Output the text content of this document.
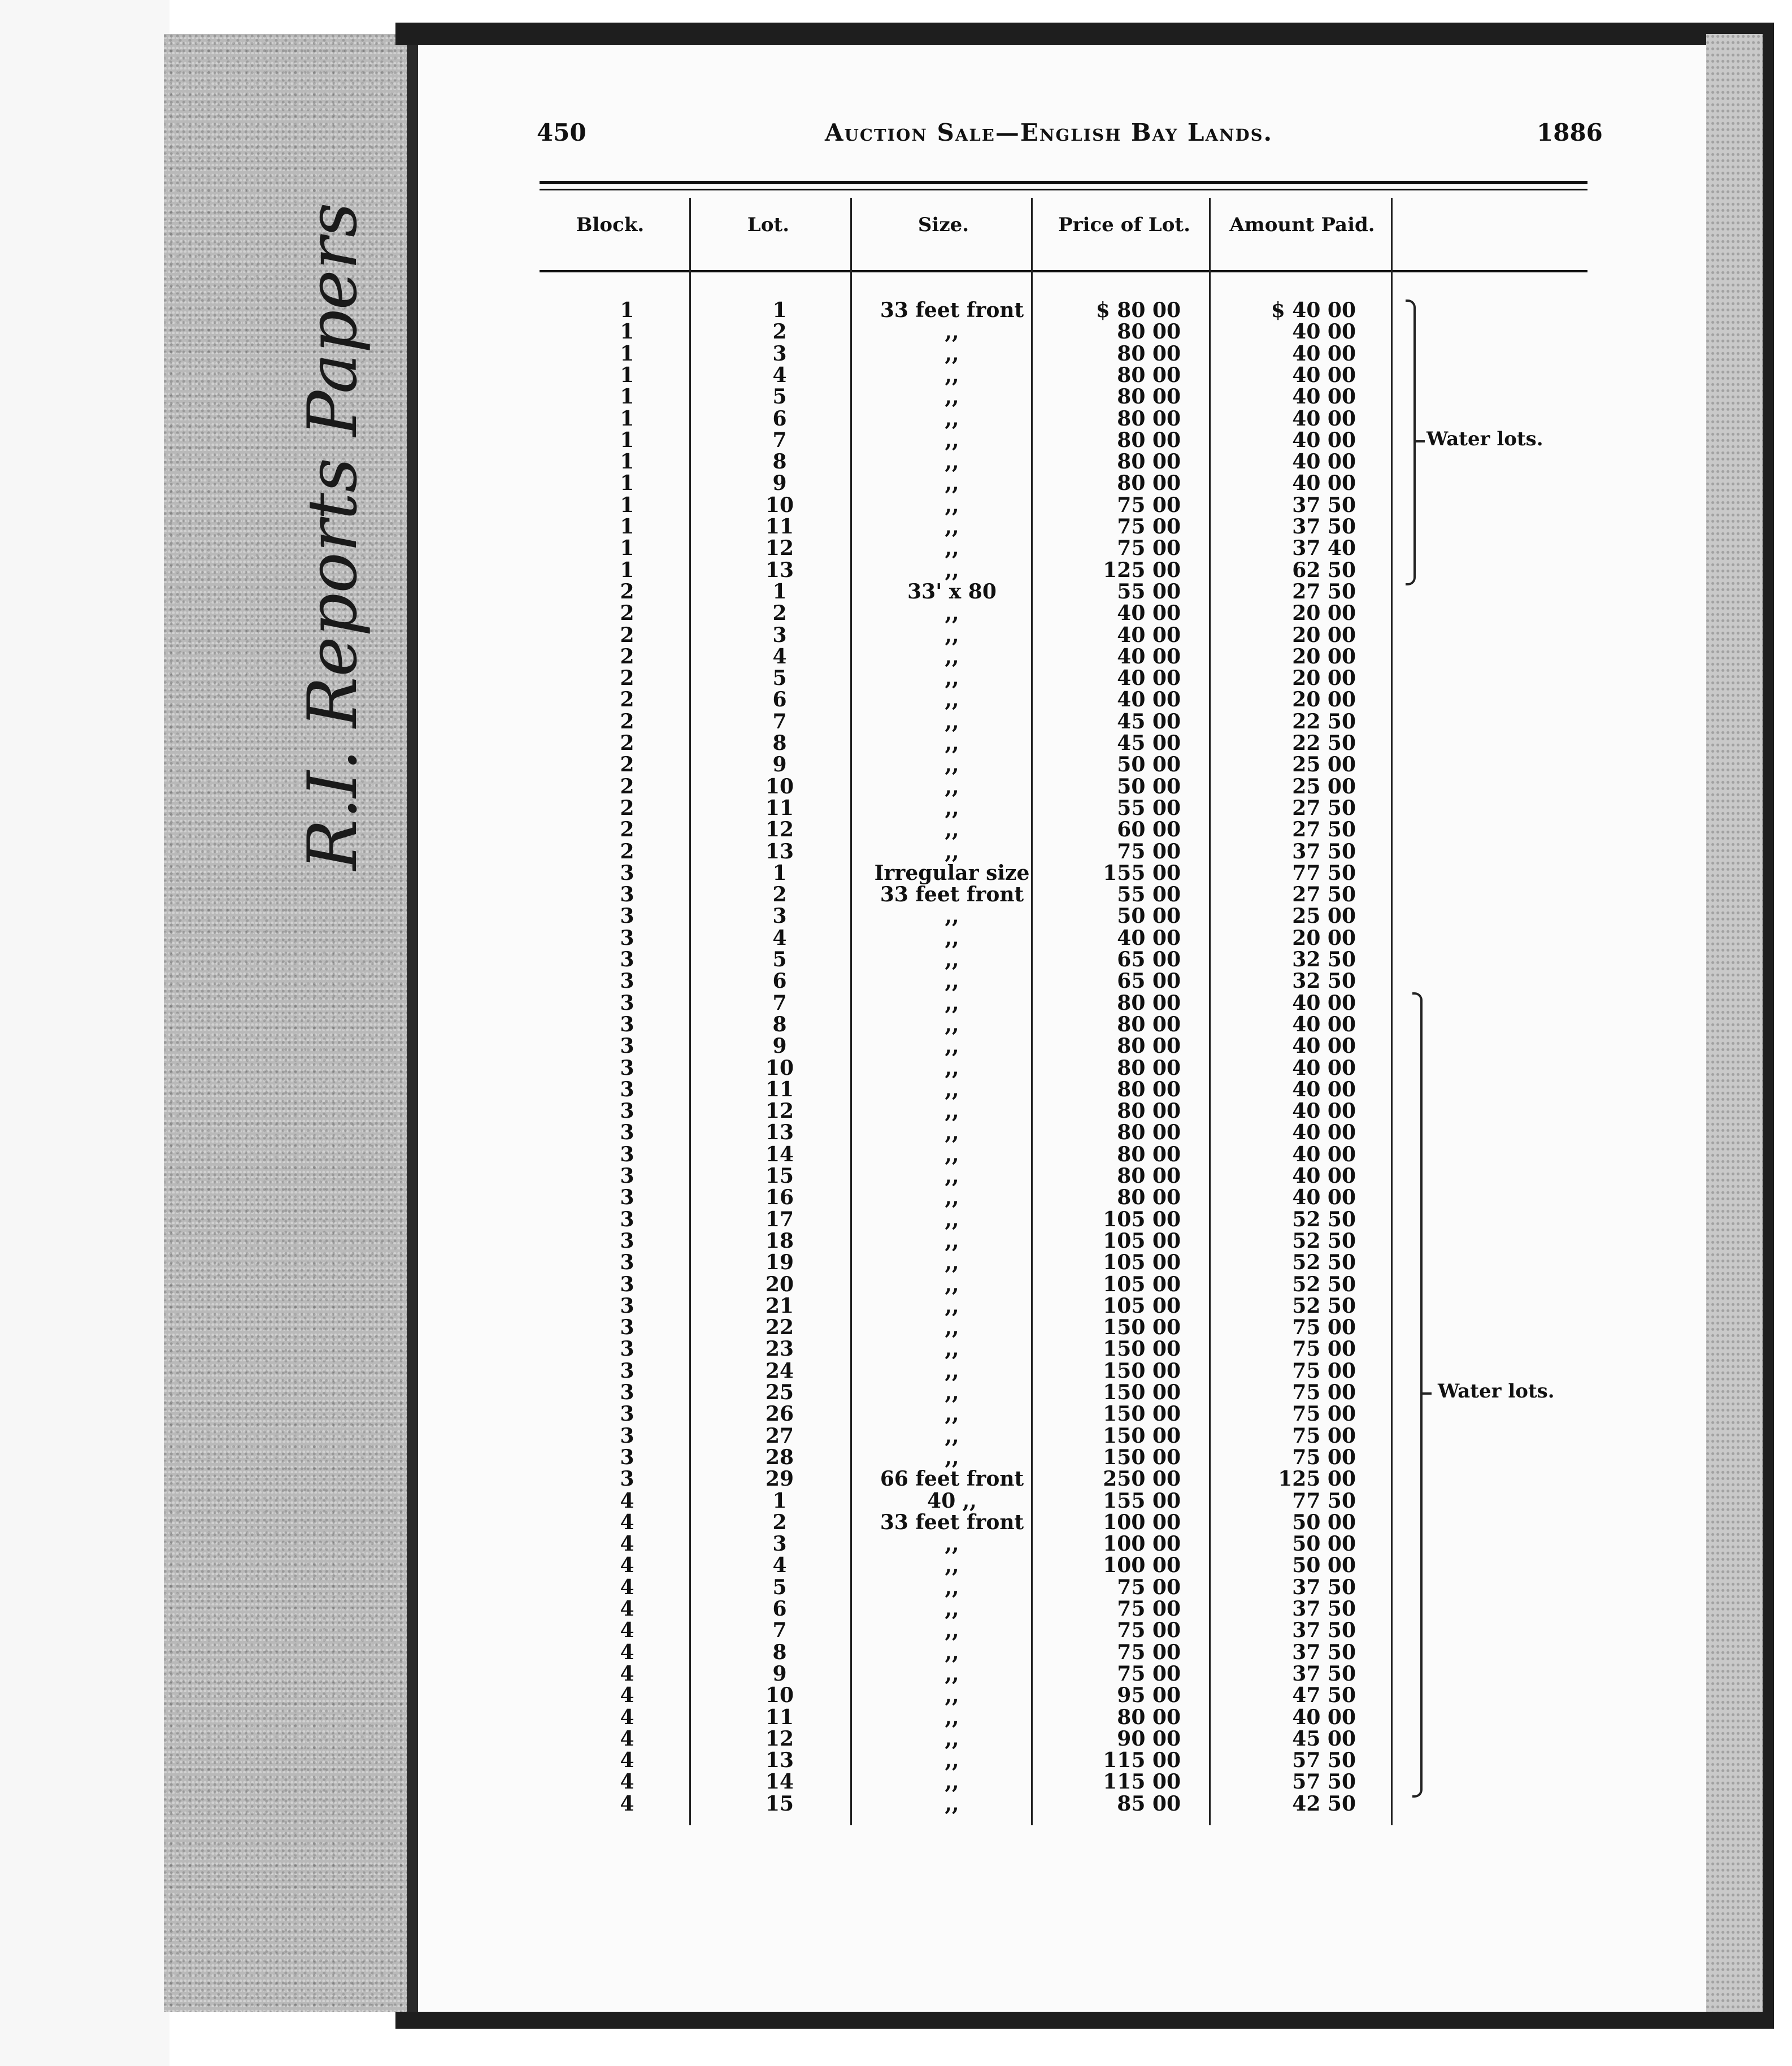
R.I. Reports Papers
450	Auction Sale—English Bay Lands.	1886
Block.	Lot.	Size.	Price of Lot.	Amount Paid.
1	1	33 feet front	$ 80 00	$ 40 00
1	2	,,	80 00	40 00
1	3	,,	80 00	40 00
1	4	,,	80 00	40 00
1	5	,,	80 00	40 00
1	6	,,	80 00	40 00
1	7	,,	80 00	40 00
1	8	,,	80 00	40 00
1	9	,,	80 00	40 00
1	10	,,	75 00	37 50
1	11	,,	75 00	37 50
1	12	,,	75 00	37 40
1	13	,,	125 00	62 50
2	1	33' x 80	55 00	27 50
2	2	,,	40 00	20 00
2	3	,,	40 00	20 00
2	4	,,	40 00	20 00
2	5	,,	40 00	20 00
2	6	,,	40 00	20 00
2	7	,,	45 00	22 50
2	8	,,	45 00	22 50
2	9	,,	50 00	25 00
2	10	,,	50 00	25 00
2	11	,,	55 00	27 50
2	12	,,	60 00	27 50
2	13	,,	75 00	37 50
3	1	Irregular size	155 00	77 50
3	2	33 feet front	55 00	27 50
3	3	,,	50 00	25 00
3	4	,,	40 00	20 00
3	5	,,	65 00	32 50
3	6	,,	65 00	32 50
3	7	,,	80 00	40 00
3	8	,,	80 00	40 00
3	9	,,	80 00	40 00
3	10	,,	80 00	40 00
3	11	,,	80 00	40 00
3	12	,,	80 00	40 00
3	13	,,	80 00	40 00
3	14	,,	80 00	40 00
3	15	,,	80 00	40 00
3	16	,,	80 00	40 00
3	17	,,	105 00	52 50
3	18	,,	105 00	52 50
3	19	,,	105 00	52 50
3	20	,,	105 00	52 50
3	21	,,	105 00	52 50
3	22	,,	150 00	75 00
3	23	,,	150 00	75 00
3	24	,,	150 00	75 00
3	25	,,	150 00	75 00
3	26	,,	150 00	75 00
3	27	,,	150 00	75 00
3	28	,,	150 00	75 00
3	29	66 feet front	250 00	125 00
4	1	40 ,,	155 00	77 50
4	2	33 feet front	100 00	50 00
4	3	,,	100 00	50 00
4	4	,,	100 00	50 00
4	5	,,	75 00	37 50
4	6	,,	75 00	37 50
4	7	,,	75 00	37 50
4	8	,,	75 00	37 50
4	9	,,	75 00	37 50
4	10	,,	95 00	47 50
4	11	,,	80 00	40 00
4	12	,,	90 00	45 00
4	13	,,	115 00	57 50
4	14	,,	115 00	57 50
4	15	,,	85 00	42 50
Water lots.
Water lots.
